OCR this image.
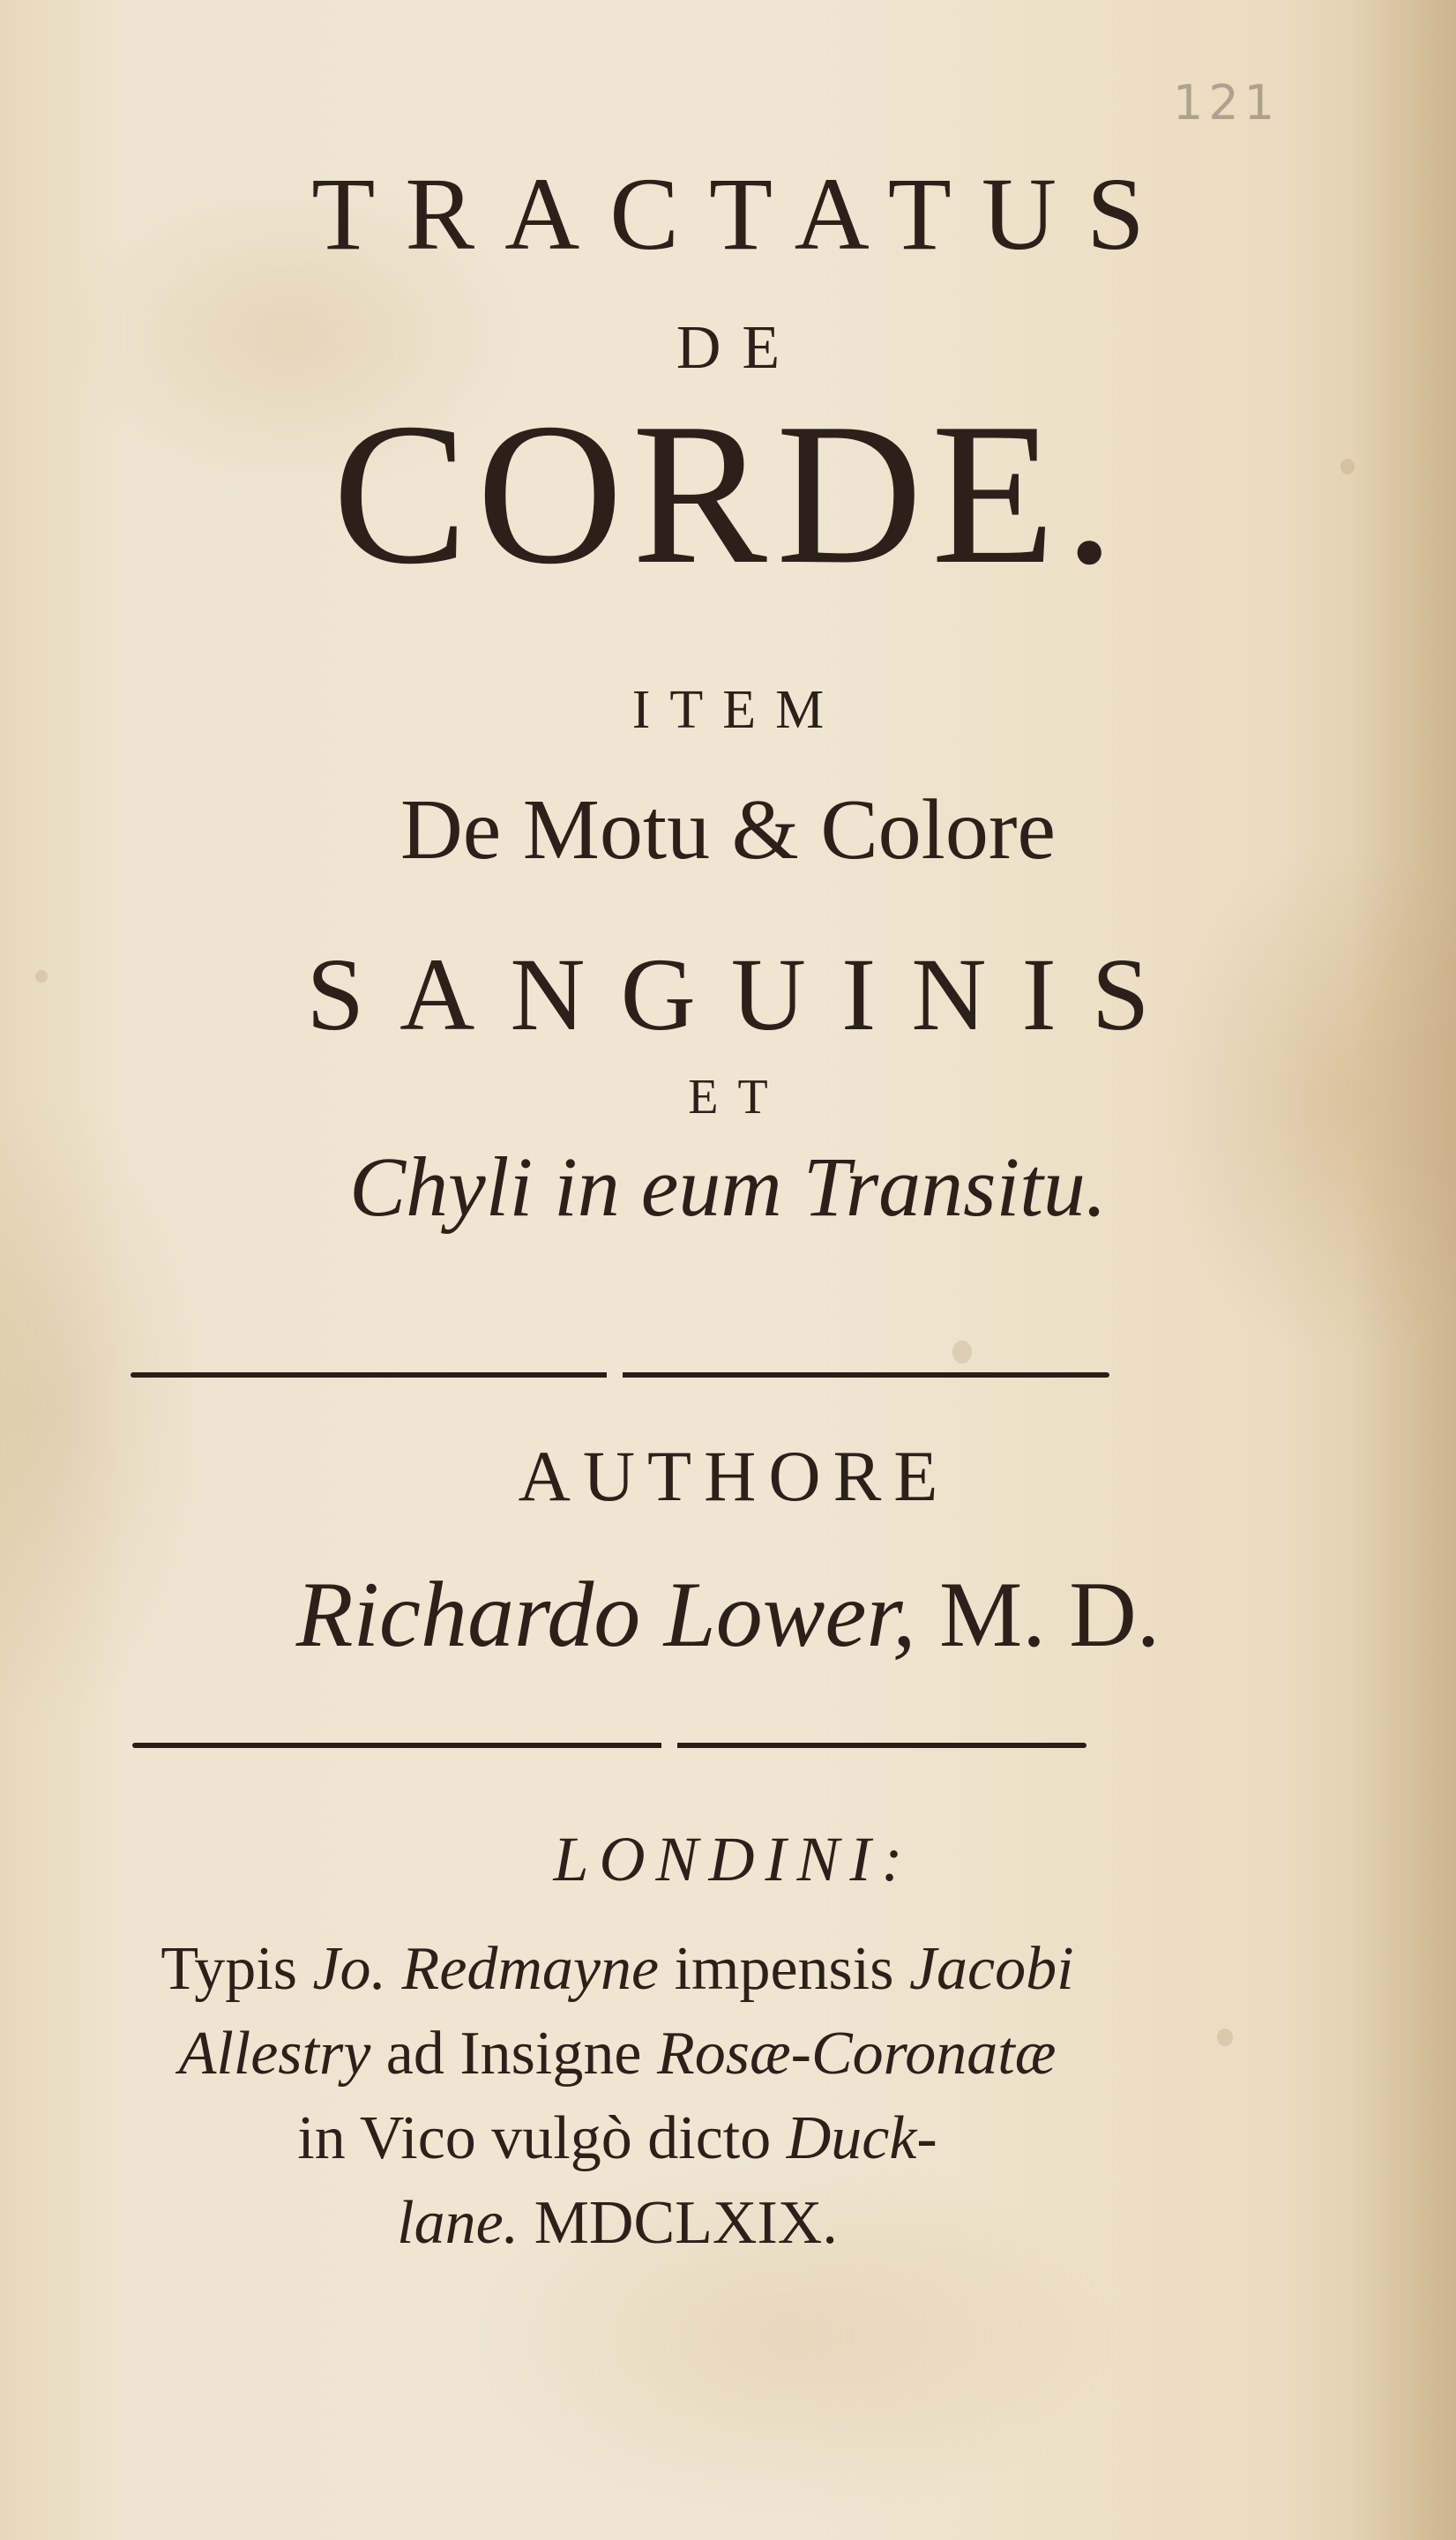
121
TRACTATUS
DE
CORDE.
ITEM
De Motu & Colore
SANGUINIS
ET
Chyli in eum Transitu.
AUTHORE
Richardo Lower, M. D.
LONDINI:
Typis Jo. Redmayne impensis Jacobi
Allestry ad Insigne Rosæ-Coronatæ
in Vico vulgò dicto Duck-
lane. MDCLXIX.
